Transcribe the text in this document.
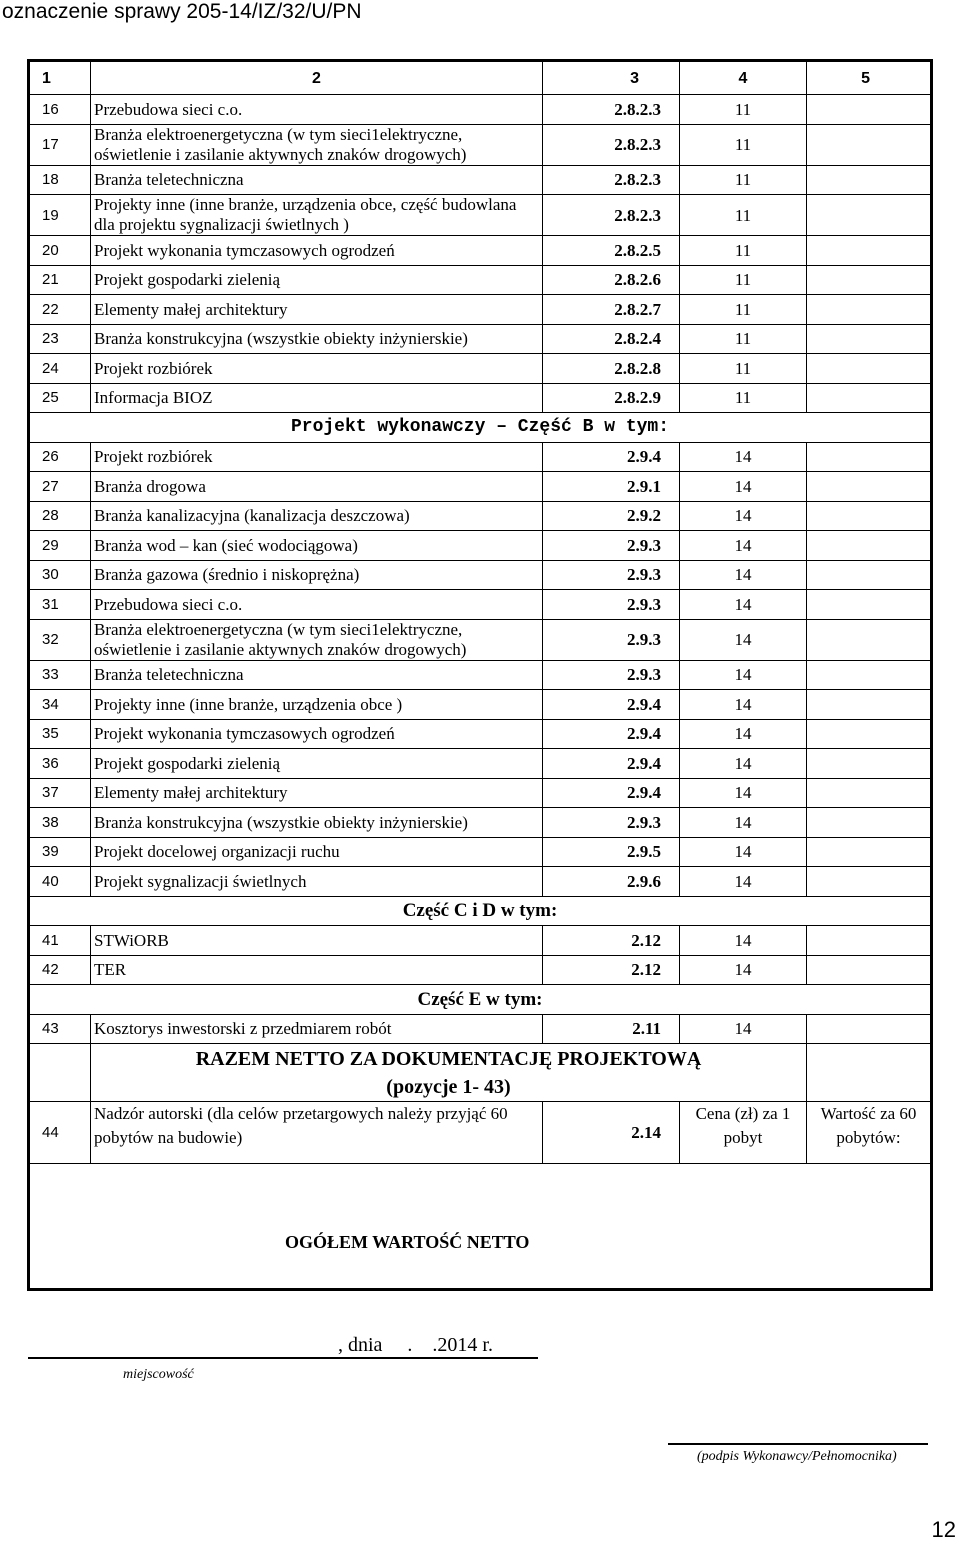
oznaczenie sprawy 205-14/IZ/32/U/PN
1	2	3	4	5
16	Przebudowa sieci c.o.	2.8.2.3	11	
17	Branża elektroenergetyczna (w tym sieci1elektryczne, oświetlenie i zasilanie aktywnych znaków drogowych)	2.8.2.3	11	
18	Branża teletechniczna	2.8.2.3	11	
19	Projekty inne (inne branże, urządzenia obce, część budowlana dla projektu sygnalizacji świetlnych )	2.8.2.3	11	
20	Projekt wykonania tymczasowych ogrodzeń	2.8.2.5	11	
21	Projekt gospodarki zielenią	2.8.2.6	11	
22	Elementy małej architektury	2.8.2.7	11	
23	Branża konstrukcyjna (wszystkie obiekty inżynierskie)	2.8.2.4	11	
24	Projekt rozbiórek	2.8.2.8	11	
25	Informacja BIOZ	2.8.2.9	11	
Projekt wykonawczy – Część B w tym:				
26	Projekt rozbiórek	2.9.4	14	
27	Branża drogowa	2.9.1	14	
28	Branża kanalizacyjna (kanalizacja deszczowa)	2.9.2	14	
29	Branża wod – kan (sieć wodociągowa)	2.9.3	14	
30	Branża gazowa (średnio i niskoprężna)	2.9.3	14	
31	Przebudowa sieci c.o.	2.9.3	14	
32	Branża elektroenergetyczna (w tym sieci1elektryczne, oświetlenie i zasilanie aktywnych znaków drogowych)	2.9.3	14	
33	Branża teletechniczna	2.9.3	14	
34	Projekty inne (inne branże, urządzenia obce )	2.9.4	14	
35	Projekt wykonania tymczasowych ogrodzeń	2.9.4	14	
36	Projekt gospodarki zielenią	2.9.4	14	
37	Elementy małej architektury	2.9.4	14	
38	Branża konstrukcyjna (wszystkie obiekty inżynierskie)	2.9.3	14	
39	Projekt docelowej organizacji ruchu	2.9.5	14	
40	Projekt sygnalizacji świetlnych	2.9.6	14	
Część C i D w tym:				
41	STWiORB	2.12	14	
42	TER	2.12	14	
Część E w tym:				
43	Kosztorys inwestorski z przedmiarem robót	2.11	14	

	RAZEM NETTO ZA DOKUMENTACJĘ PROJEKTOWĄ
(pozycje 1- 43)			

44	Nadzór autorski (dla celów przetargowych należy przyjąć 60 pobytów na budowie)	2.14	Cena (zł) za 1 pobyt	Wartość za 60 pobytów:
OGÓŁEM WARTOŚĆ NETTO				
, dnia     .    .2014 r.
miejscowość
(podpis Wykonawcy/Pełnomocnika)
12
